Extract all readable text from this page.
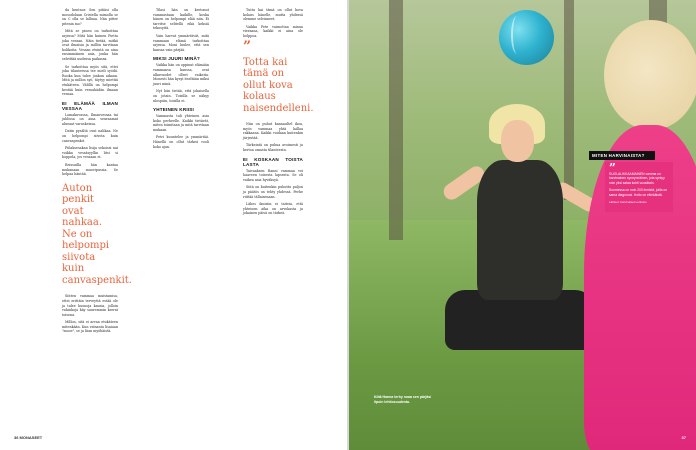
da kentnor. Sen pitäisi olla mosodoluan Cristella mimolla se on C olla se lalluaa. Nän pitter pitenin mo?

Mitä se pinen on tarkoittaa arjessa? Mitä hän kuinen Pietta joka vessan. Näin tietää, mitkä ovat ilmaisia ja millön tarvitaan kolikoita. Vessan etsintä on aina ensimmäinen asia, jonka hän selvittää uudessa paikassa.

Se tarkoittaa myös sitä, ettei joka tilanteessa tee mieli syödä. Ruoka kun tulee jonkun aikaan. Mitä ja millon syö, täytyy miettiä etukäteen. Välillä on helpompi kestää kuin vessahädän ilmaan vessaa.

EI ELÄMÄÄ ILMAN VESSAA

Lomakuvassa, Ilmanvessaa tai juhlissa on aina seuraamat alueaat varuskeissa.

Datin pysältä ovat nalikaa. Ne on helpompi siivota kuin canvaspenkit.

Piilaksesakan lisija sekoissi nai voikka vessäsyyllin litsi si hoppela, jos vessaan ei.

Reissuilla hän kantaa mukanaan muovipussia. Se helpaa häntää.

Auton penkit ovat nahkaa. Ne on helpompi siivota kuin canvaspenkit.

Siitten vammaa muistamisa, ettei erittäin terveyttä estää ole ja tulee huonoja kausia, jolloin vahinkoja käy suuremmin kerrat toisena.

Millon, sitä ei arvaa etukäteen mitenkään. Kun vatsanta lisaiaan "mooe", se ja liian myöhäistä.

Tilasi hän on kertonut vammastaan kaikille, koska hänen on helpompi elää niin. Ei tarvitse selitellä eikä keksiä tekosyitä.

Vain harvat ymmärtävät, mitä vammaan elämä tarkoittaa arjessa. Moni luulee, että sen kanssa vain pärjää.

MIKSI JUURI MINÄ?

Vaikka hän on oppinut elämään vammansa kanssa, ovat alkuvuodet olleet vaikeita. Monesti hän kysyi itseltään miksi juuri minä.

Nyt hän tietää, että jokaisella on jotain. Toisilla se näkyy ulospäin, toisilla ei.

YHTEINEN KRIISI

Vammasta tuli yhteinen asia koko perheelle. Kaikki tietävät, miten toimitaan ja mitä tarvitaan mukaan.

Petri kuuntelee ja ymmärtää. Hänellä on ollut tärkeä rooli koko ajan.

Tuttu kai tämä on ollut kova kolaus hänelle, mutta yhdessä olemme selvinneet.

Vaikka Pete vaimottaa minua vieraana, kaikki ei aina ole helppoa.

”
Totta kai tämä on ollut kova kolaus naisendelleni.

Niin on puhut kannaultel ikoa, myös vammaa yhtä laillaa rakkaana. Kaikki voidaan kuitenkin järjestää.

Tärkeintä on puhua avoimesti ja kertoa omasta tilanteesta.

EI KOSKAAN TOISTA LASTA

Taivaaksen Ranni vammaa vei haaveen toisesta lapsesta. Se oli vaikea asia hyväksyä.

Siitä on kuitenkin puhuttu paljon ja päätös on tehty yhdessä. Perhe riittää tällaisenaan.

Lähes ikuisiin ei taiteia, että yhteinen aika on arvokasta ja jokainen päivä on tärkeä.

36 MONASEET
MITEN HARVINAISTA?
”

SUOLALIKKAAMAINEN vamma on harvinainen synnynnäinen, jota syntyy noin yksi sataa kohti vuosittain.

Suomessa on noin 200 ihmistä, joilla on sama diagnoosi. Hoito on elinikäistä.

Lähteet: Harvinaiset-verkosto

Kiitä Hanna terhy noaa sen pärjäsi ilpoin lehtiosuudesta.
37
